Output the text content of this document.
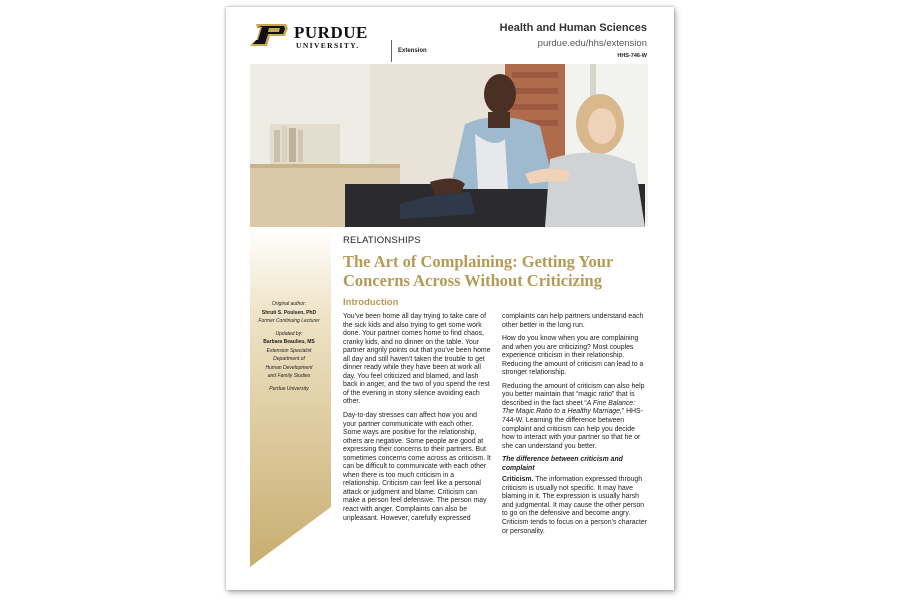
PURDUE
UNIVERSITY.
Extension
Health and Human Sciences
purdue.edu/hhs/extension
HHS-746-W
Original author:
Shruti S. Poulsen, PhD
Former Continuing Lecturer
Updated by:
Barbara Beaulieu, MS
Extension Specialist
Department of
Human Development
and Family Studies
Purdue University
RELATIONSHIPS
The Art of Complaining: Getting Your Concerns Across Without Criticizing
Introduction

You’ve been home all day trying to take care of the sick kids and also trying to get some work done. Your partner comes home to find chaos, cranky kids, and no dinner on the table. Your partner angrily points out that you’ve been home all day and still haven’t taken the trouble to get dinner ready while they have been at work all day. You feel criticized and blamed, and lash back in anger, and the two of you spend the rest of the evening in stony silence avoiding each other.

Day-to-day stresses can affect how you and your partner communicate with each other. Some ways are positive for the relationship, others are negative. Some people are good at expressing their concerns to their partners. But sometimes concerns come across as criticism. It can be difficult to communicate with each other when there is too much criticism in a relationship. Criticism can feel like a personal attack or judgment and blame. Criticism can make a person feel defensive. The person may react with anger. Complaints can also be unpleasant. However, carefully expressed

complaints can help partners understand each other better in the long run.

How do you know when you are complaining and when you are criticizing? Most couples experience criticism in their relationship. Reducing the amount of criticism can lead to a stronger relationship.

Reducing the amount of criticism can also help you better maintain that “magic ratio” that is described in the fact sheet “A Fine Balance: The Magic Ratio to a Healthy Marriage,” HHS-744-W. Learning the difference between complaint and criticism can help you decide how to interact with your partner so that he or she can understand you better.

The difference between criticism and complaint

Criticism. The information expressed through criticism is usually not specific. It may have blaming in it. The expression is usually harsh and judgmental. It may cause the other person to go on the defensive and become angry. Criticism tends to focus on a person’s character or personality.
